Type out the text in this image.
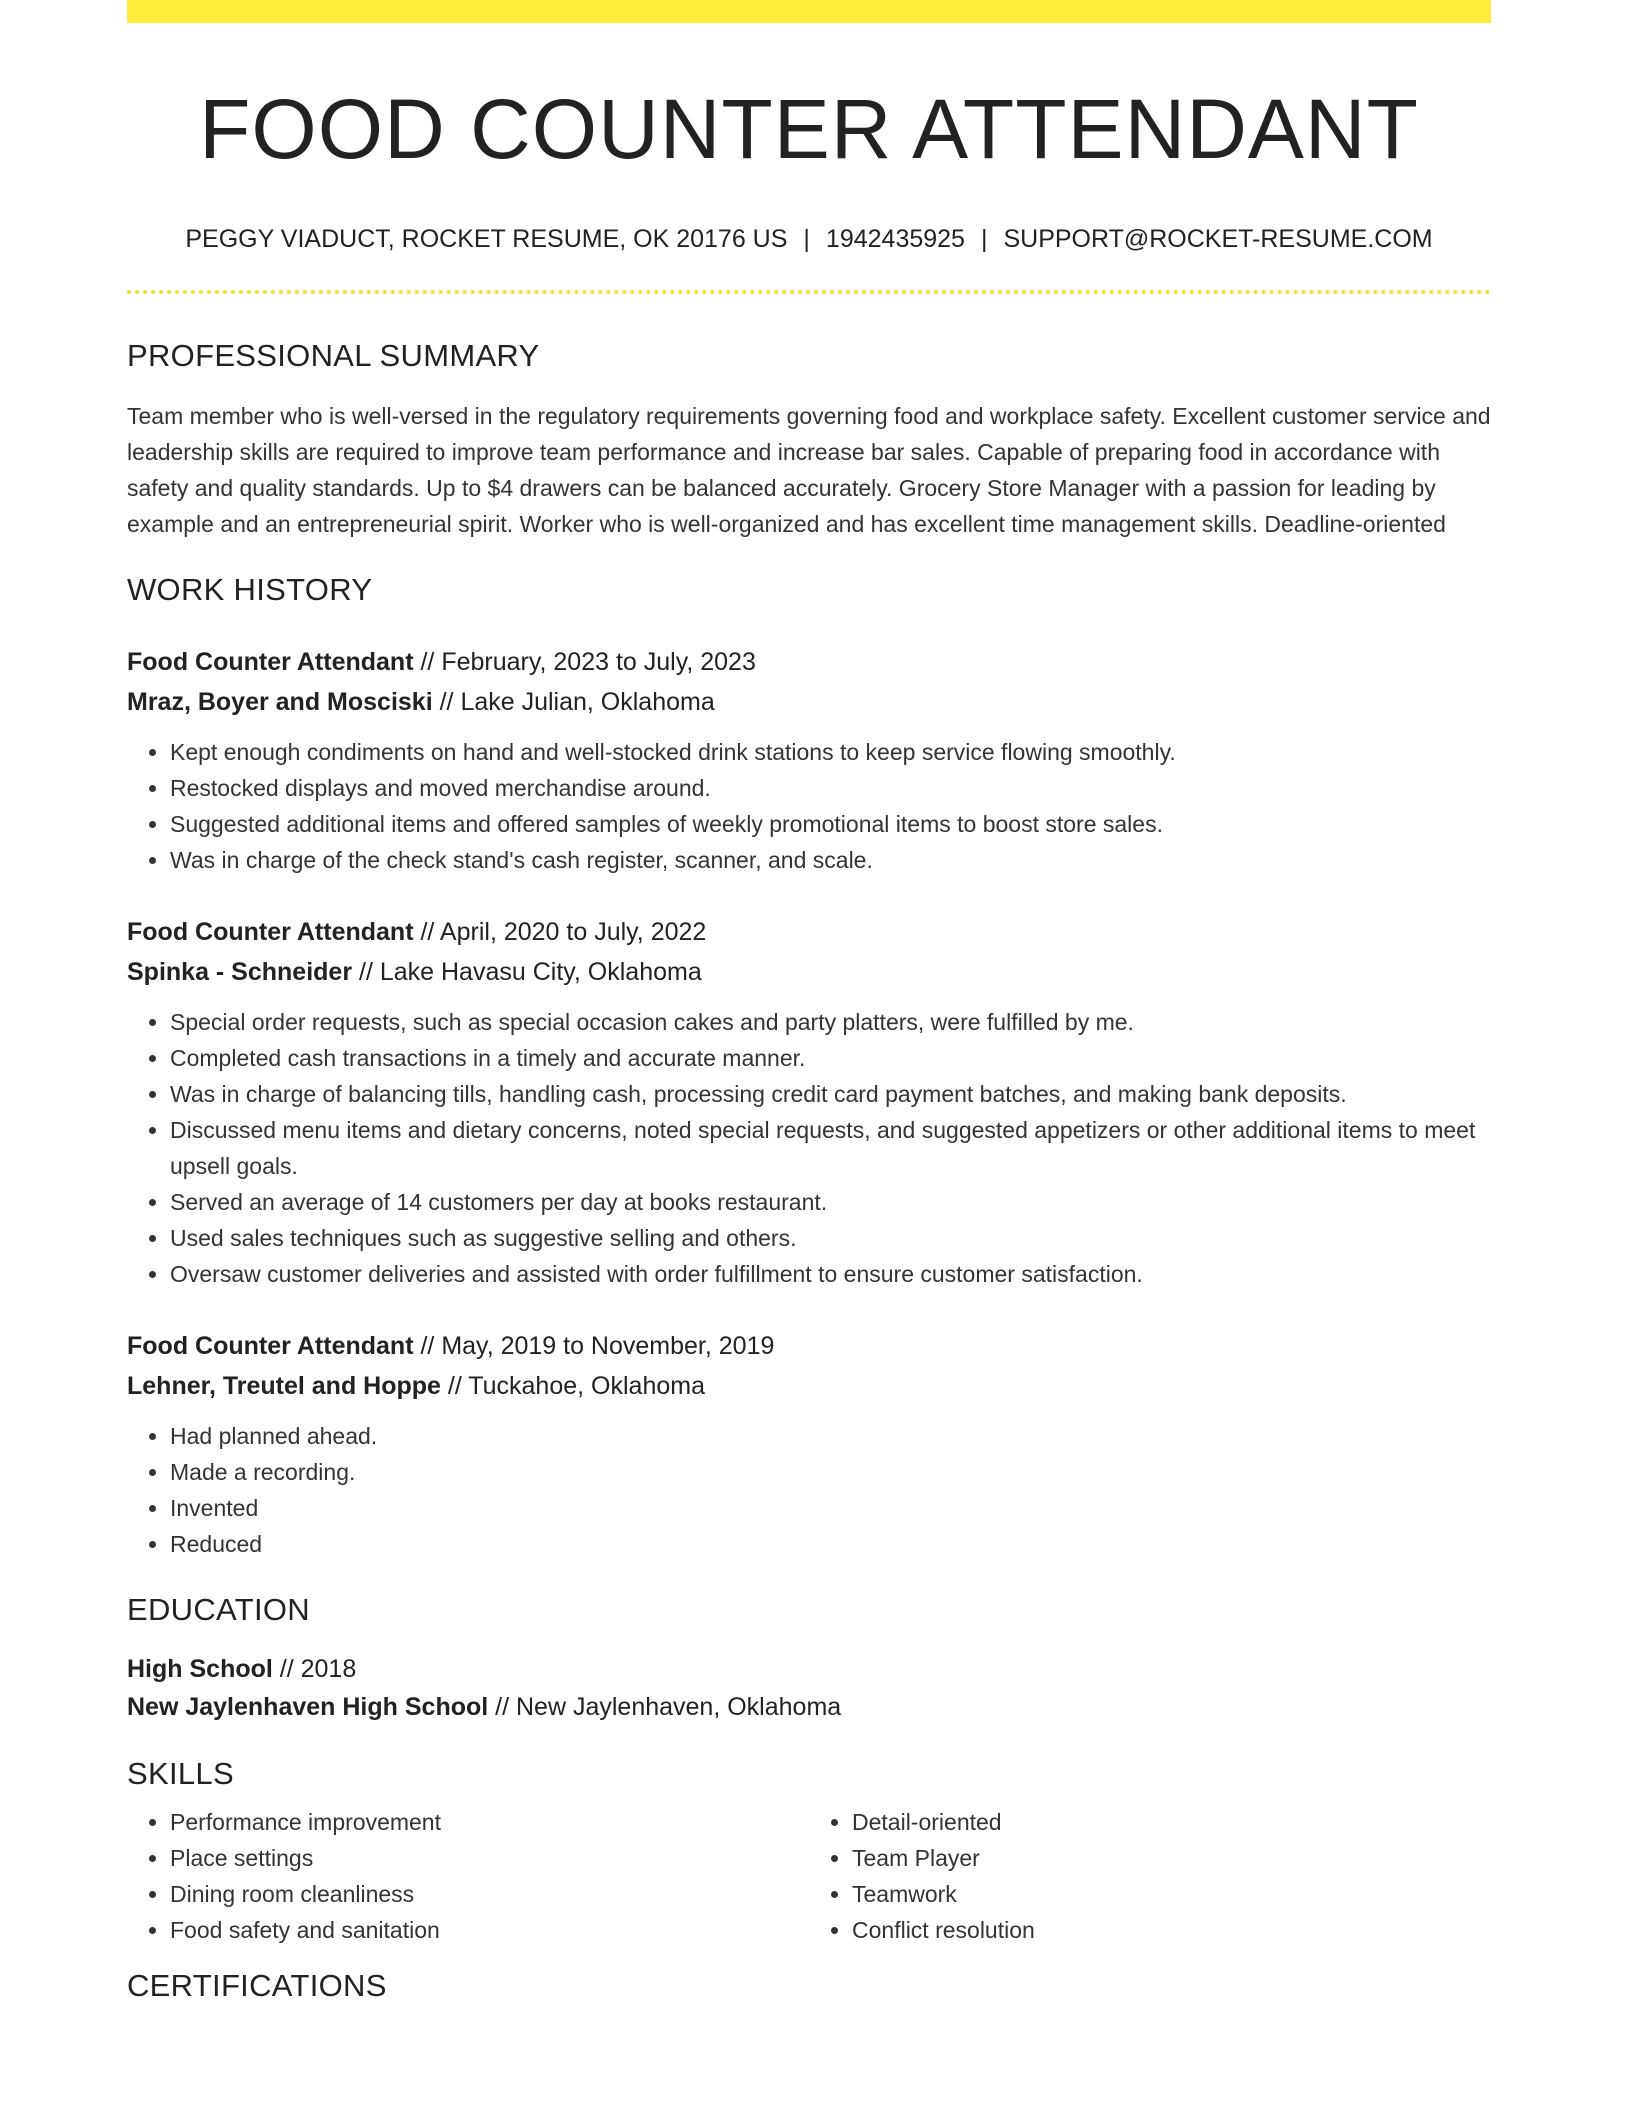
FOOD COUNTER ATTENDANT
PEGGY VIADUCT, ROCKET RESUME, OK 20176 US | 1942435925 | SUPPORT@ROCKET-RESUME.COM
PROFESSIONAL SUMMARY

Team member who is well-versed in the regulatory requirements governing food and workplace safety. Excellent customer service and leadership skills are required to improve team performance and increase bar sales. Capable of preparing food in accordance with safety and quality standards. Up to $4 drawers can be balanced accurately. Grocery Store Manager with a passion for leading by example and an entrepreneurial spirit. Worker who is well-organized and has excellent time management skills. Deadline-oriented

WORK HISTORY
Food Counter Attendant // February, 2023 to July, 2023
Mraz, Boyer and Mosciski // Lake Julian, Oklahoma
• Kept enough condiments on hand and well-stocked drink stations to keep service flowing smoothly.
• Restocked displays and moved merchandise around.
• Suggested additional items and offered samples of weekly promotional items to boost store sales.
• Was in charge of the check stand's cash register, scanner, and scale.
Food Counter Attendant // April, 2020 to July, 2022
Spinka - Schneider // Lake Havasu City, Oklahoma
• Special order requests, such as special occasion cakes and party platters, were fulfilled by me.
• Completed cash transactions in a timely and accurate manner.
• Was in charge of balancing tills, handling cash, processing credit card payment batches, and making bank deposits.
• Discussed menu items and dietary concerns, noted special requests, and suggested appetizers or other additional items to meet upsell goals.
• Served an average of 14 customers per day at books restaurant.
• Used sales techniques such as suggestive selling and others.
• Oversaw customer deliveries and assisted with order fulfillment to ensure customer satisfaction.
Food Counter Attendant // May, 2019 to November, 2019
Lehner, Treutel and Hoppe // Tuckahoe, Oklahoma
• Had planned ahead.
• Made a recording.
• Invented
• Reduced
EDUCATION
High School // 2018
New Jaylenhaven High School // New Jaylenhaven, Oklahoma
SKILLS
• Performance improvement
• Place settings
• Dining room cleanliness
• Food safety and sanitation
• Detail-oriented
• Team Player
• Teamwork
• Conflict resolution
CERTIFICATIONS
